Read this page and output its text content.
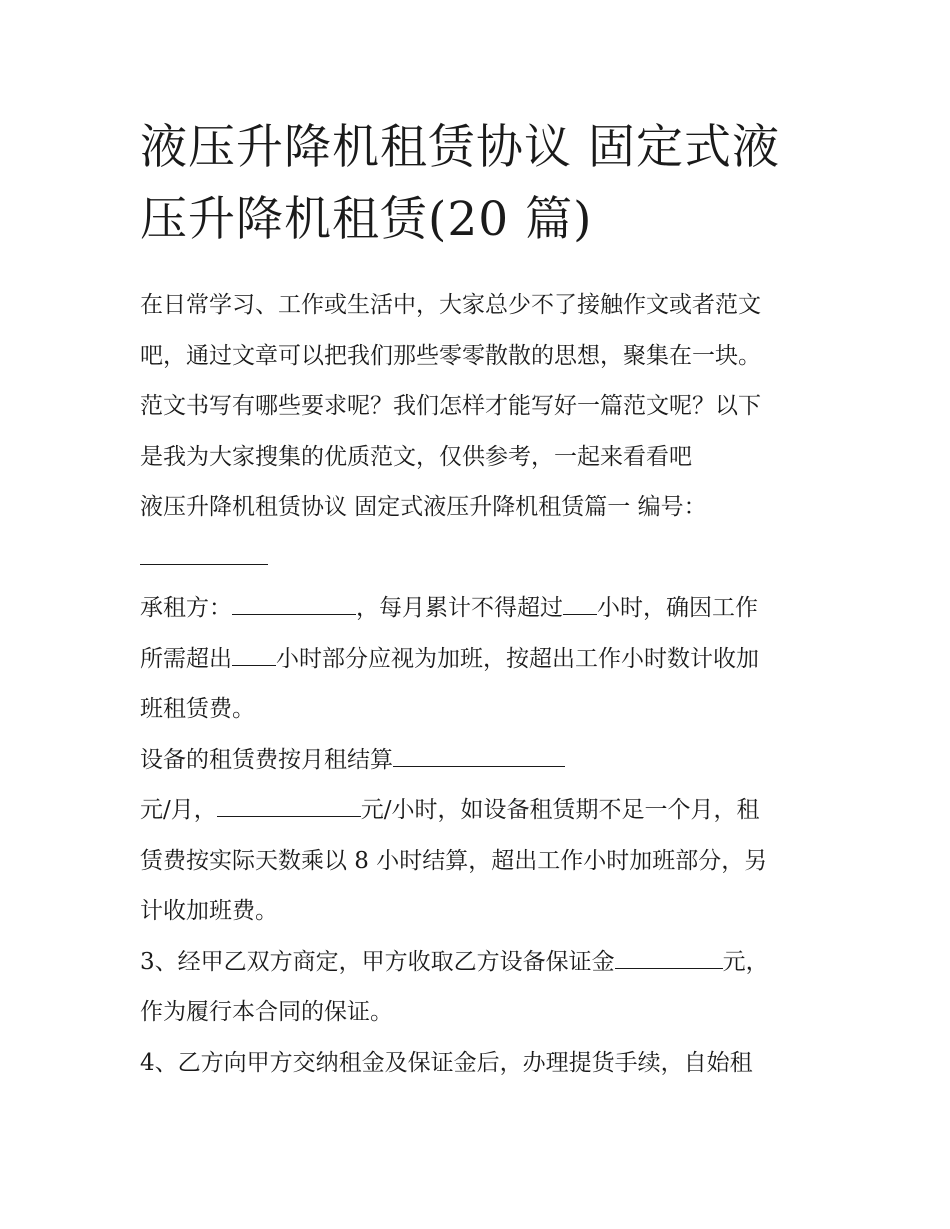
液压升降机租赁协议 固定式液
压升降机租赁(20 篇)
在日常学习、工作或生活中，大家总少不了接触作文或者范文
吧，通过文章可以把我们那些零零散散的思想，聚集在一块。
范文书写有哪些要求呢？我们怎样才能写好一篇范文呢？以下
是我为大家搜集的优质范文，仅供参考，一起来看看吧
液压升降机租赁协议 固定式液压升降机租赁篇一 编号：
承租方：	，每月累计不得超过 小时，确因工作
所需超出 小时部分应视为加班，按超出工作小时数计收加
班租赁费。
设备的租赁费按月租结算
元/月，	元/小时，如设备租赁期不足一个月，租
赁费按实际天数乘以 8 小时结算，超出工作小时加班部分，另
计收加班费。
3、经甲乙双方商定，甲方收取乙方设备保证金	元，
作为履行本合同的保证。
4、乙方向甲方交纳租金及保证金后，办理提货手续，自始租
